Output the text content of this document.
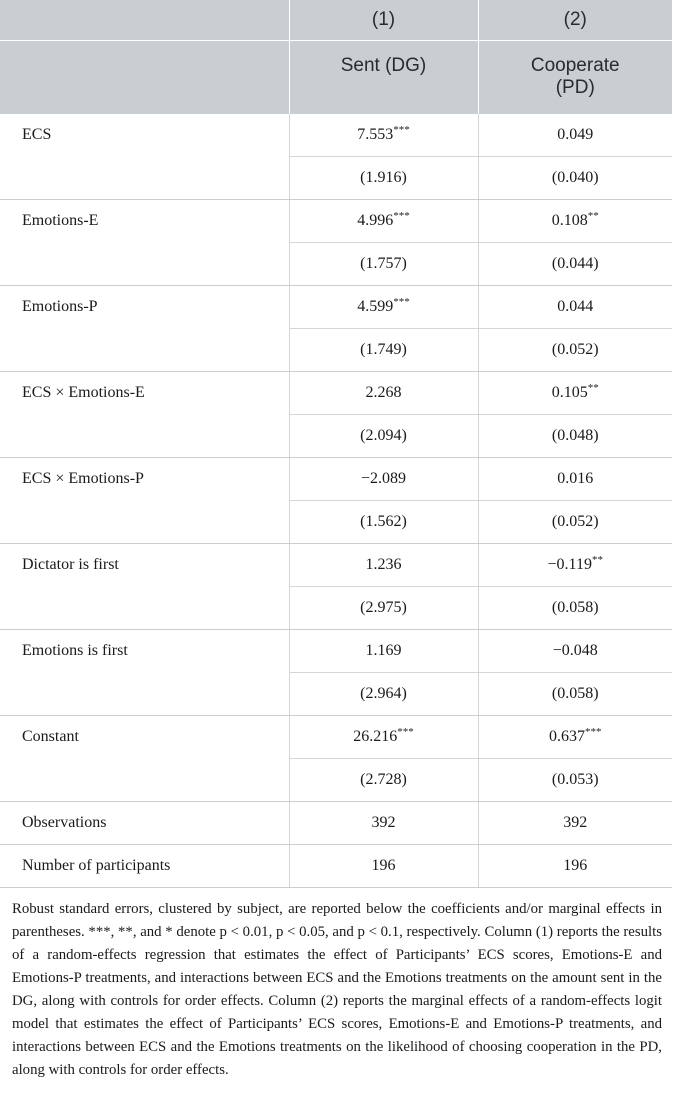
	(1)	(2)
	Sent (DG)	Cooperate
(PD)
ECS	7.553***	0.049
	(1.916)	(0.040)
Emotions-E	4.996***	0.108**
	(1.757)	(0.044)
Emotions-P	4.599***	0.044
	(1.749)	(0.052)
ECS × Emotions-E	2.268	0.105**
	(2.094)	(0.048)
ECS × Emotions-P	−2.089	0.016
	(1.562)	(0.052)
Dictator is first	1.236	−0.119**
	(2.975)	(0.058)
Emotions is first	1.169	−0.048
	(2.964)	(0.058)
Constant	26.216***	0.637***
	(2.728)	(0.053)
Observations	392	392
Number of participants	196	196
Robust standard errors, clustered by subject, are reported below the coefficients and/or marginal effects in parentheses. ***, **, and * denote p < 0.01, p < 0.05, and p < 0.1, respectively. Column (1) reports the results of a random-effects regression that estimates the effect of Participants’ ECS scores, Emotions-E and Emotions-P treatments, and interactions between ECS and the Emotions treatments on the amount sent in the DG, along with controls for order effects. Column (2) reports the marginal effects of a random-effects logit model that estimates the effect of Participants’ ECS scores, Emotions-E and Emotions-P treatments, and interactions between ECS and the Emotions treatments on the likelihood of choosing cooperation in the PD, along with controls for order effects.
